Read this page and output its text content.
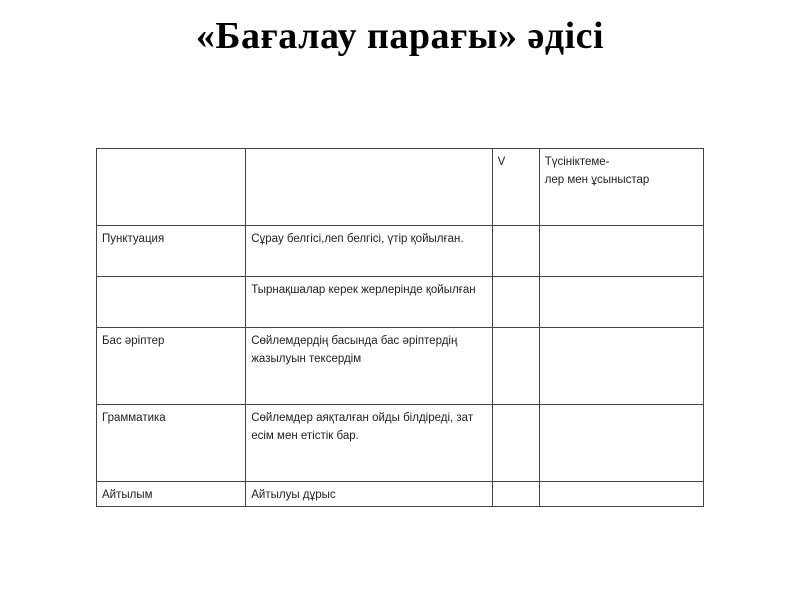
«Бағалау парағы» әдісі
		V	Түсініктеме-
лер мен ұсыныстар
Пунктуация	Сұрау белгісі,леп белгісі, үтір қойылған.		
	Тырнақшалар керек жерлерінде қойылған		
Бас әріптер	Сөйлемдердің басында бас әріптердің жазылуын тексердім		
Грамматика	Сөйлемдер аяқталған ойды білдіреді, зат есім мен етістік бар.		
Айтылым	Айтылуы дұрыс		
